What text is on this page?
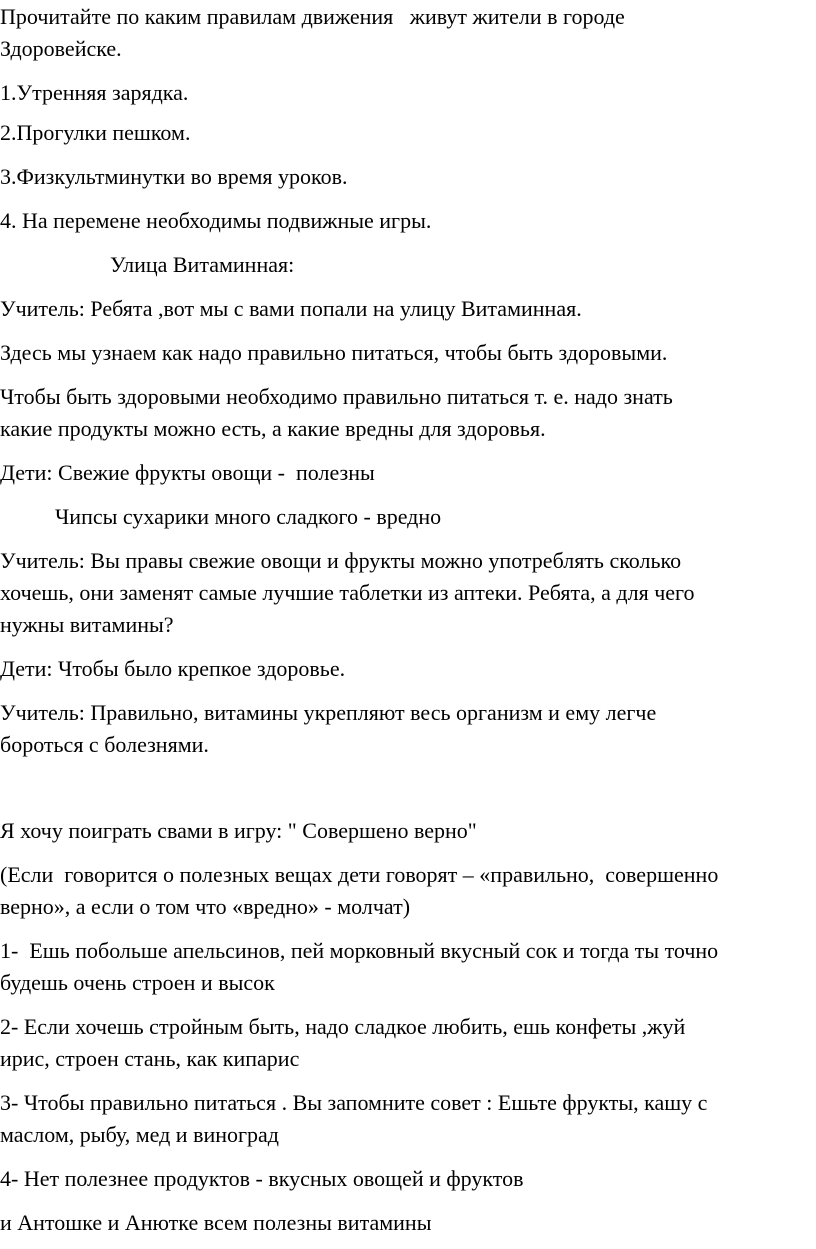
Прочитайте по каким правилам движения   живут жители в городе

Здоровейске.

1.Утренняя зарядка.

2.Прогулки пешком.

3.Физкультминутки во время уроков.

4. На перемене необходимы подвижные игры.

Улица Витаминная:

Учитель: Ребята ,вот мы с вами попали на улицу Витаминная.

Здесь мы узнаем как надо правильно питаться, чтобы быть здоровыми.

Чтобы быть здоровыми необходимо правильно питаться т. е. надо знать

какие продукты можно есть, а какие вредны для здоровья.

Дети: Свежие фрукты овощи -  полезны

Чипсы сухарики много сладкого - вредно

Учитель: Вы правы свежие овощи и фрукты можно употреблять сколько

хочешь, они заменят самые лучшие таблетки из аптеки. Ребята, а для чего

нужны витамины?

Дети: Чтобы было крепкое здоровье.

Учитель: Правильно, витамины укрепляют весь организм и ему легче

бороться с болезнями.

Я хочу поиграть свами в игру: " Совершено верно"

(Если  говорится о полезных вещах дети говорят – «правильно,  совершенно

верно», а если о том что «вредно» - молчат)

1-  Ешь побольше апельсинов, пей морковный вкусный сок и тогда ты точно

будешь очень строен и высок

2- Если хочешь стройным быть, надо сладкое любить, ешь конфеты ,жуй

ирис, строен стань, как кипарис

3- Чтобы правильно питаться . Вы запомните совет : Ешьте фрукты, кашу с

маслом, рыбу, мед и виноград

4- Нет полезнее продуктов - вкусных овощей и фруктов

и Антошке и Анютке всем полезны витамины
